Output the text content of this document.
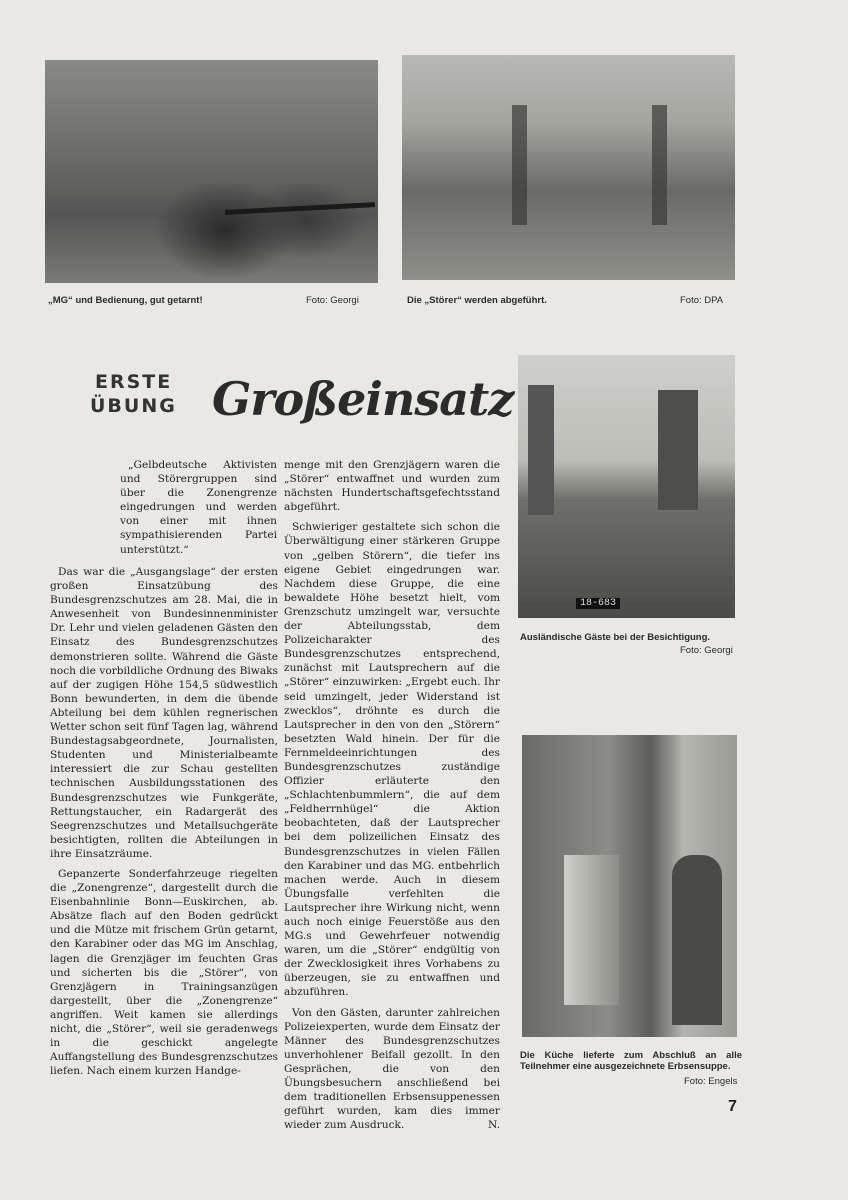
„MG“ und Bedienung, gut getarnt!	Foto: Georgi	Die „Störer“ werden abgeführt.	Foto: DPA
ERSTE
ÜBUNG Großeinsatz

„Gelbdeutsche Aktivisten und Störergruppen sind über die Zonengrenze eingedrungen und werden von einer mit ihnen sympathisierenden Partei unterstützt.“

Das war die „Ausgangslage“ der ersten großen Einsatzübung des Bundesgrenzschutzes am 28. Mai, die in Anwesenheit von Bundesinnenminister Dr. Lehr und vielen geladenen Gästen den Einsatz des Bundesgrenzschutzes demonstrieren sollte. Während die Gäste noch die vorbildliche Ordnung des Biwaks auf der zugigen Höhe 154,5 südwestlich Bonn bewunderten, in dem die übende Abteilung bei dem kühlen regnerischen Wetter schon seit fünf Tagen lag, während Bundestagsabgeordnete, Journalisten, Studenten und Ministerialbeamte interessiert die zur Schau gestellten technischen Ausbildungsstationen des Bundesgrenzschutzes wie Funkgeräte, Rettungstaucher, ein Radargerät des Seegrenzschutzes und Metallsuchgeräte besichtigten, rollten die Abteilungen in ihre Einsatzräume.

Gepanzerte Sonderfahrzeuge riegelten die „Zonengrenze“, dargestellt durch die Eisenbahnlinie Bonn—Euskirchen, ab. Absätze flach auf den Boden gedrückt und die Mütze mit frischem Grün getarnt, den Karabiner oder das MG im Anschlag, lagen die Grenzjäger im feuchten Gras und sicherten bis die „Störer“, von Grenzjägern in Trainingsanzügen dargestellt, über die „Zonengrenze“ angriffen. Weit kamen sie allerdings nicht, die „Störer“, weil sie geradenwegs in die geschickt angelegte Auffangstellung des Bundesgrenzschutzes liefen. Nach einem kurzen Handge-

menge mit den Grenzjägern waren die „Störer“ entwaffnet und wurden zum nächsten Hundertschaftsgefechtsstand abgeführt.

Schwieriger gestaltete sich schon die Überwältigung einer stärkeren Gruppe von „gelben Störern“, die tiefer ins eigene Gebiet eingedrungen war. Nachdem diese Gruppe, die eine bewaldete Höhe besetzt hielt, vom Grenzschutz umzingelt war, versuchte der Abteilungsstab, dem Polizeicharakter des Bundesgrenzschutzes entsprechend, zunächst mit Lautsprechern auf die „Störer“ einzuwirken: „Ergebt euch. Ihr seid umzingelt, jeder Widerstand ist zwecklos“, dröhnte es durch die Lautsprecher in den von den „Störern“ besetzten Wald hinein. Der für die Fernmeldeeinrichtungen des Bundesgrenzschutzes zuständige Offizier erläuterte den „Schlachtenbummlern“, die auf dem „Feldherrnhügel“ die Aktion beobachteten, daß der Lautsprecher bei dem polizeilichen Einsatz des Bundesgrenzschutzes in vielen Fällen den Karabiner und das MG. entbehrlich machen werde. Auch in diesem Übungsfalle verfehlten die Lautsprecher ihre Wirkung nicht, wenn auch noch einige Feuerstöße aus den MG.s und Gewehrfeuer notwendig waren, um die „Störer“ endgültig von der Zwecklosigkeit ihres Vorhabens zu überzeugen, sie zu entwaffnen und abzuführen.

Von den Gästen, darunter zahlreichen Polizeiexperten, wurde dem Einsatz der Männer des Bundesgrenzschutzes unverhohlener Beifall gezollt. In den Gesprächen, die von den Übungsbesuchern anschließend bei dem traditionellen Erbsensuppenessen geführt wurden, kam dies immer wieder zum Ausdruck.	N.

18-683
Ausländische Gäste bei der Besichtigung.
Foto: Georgi
Die Küche lieferte zum Abschluß an alle Teilnehmer eine ausgezeichnete Erbsensuppe.
Foto: Engels
7
